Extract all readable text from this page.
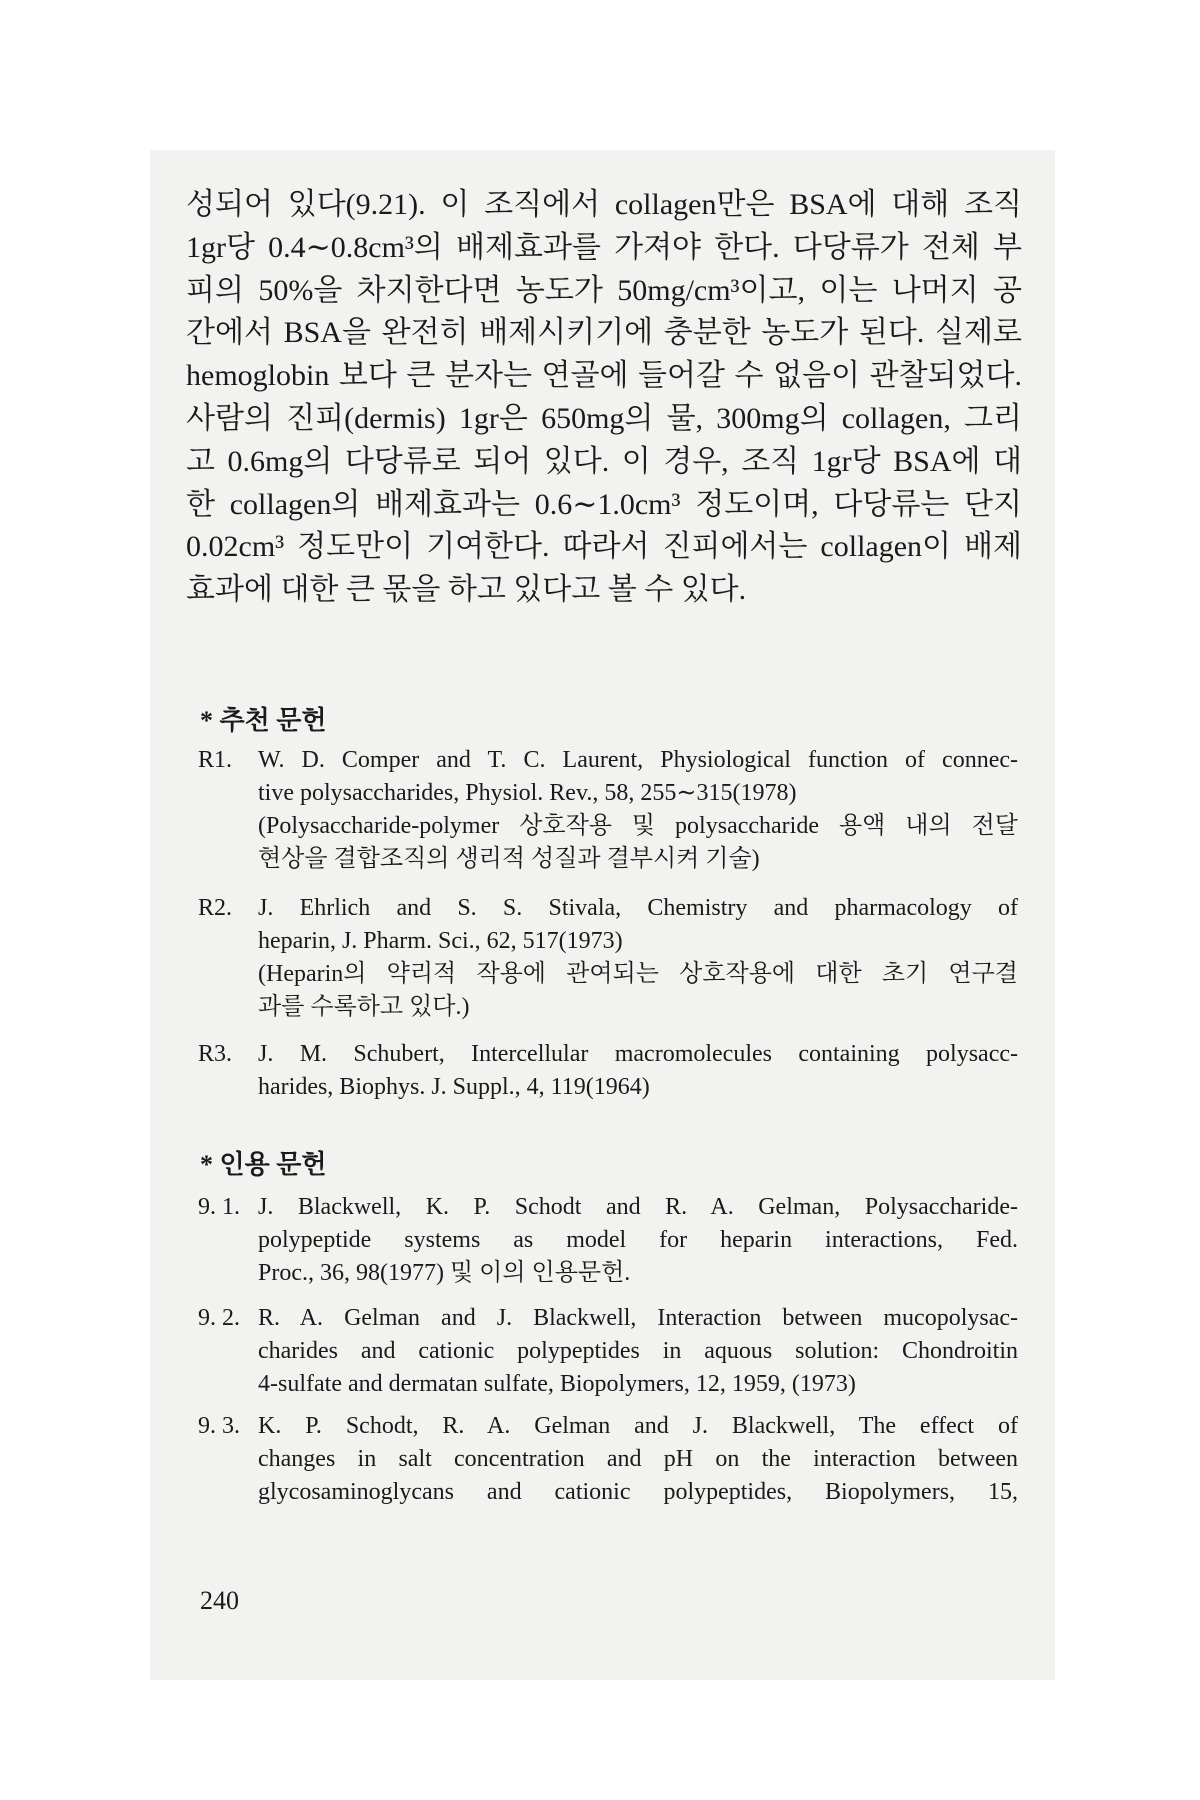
성되어 있다(9.21). 이 조직에서 collagen만은 BSA에 대해 조직
1gr당 0.4∼0.8cm³의 배제효과를 가져야 한다. 다당류가 전체 부
피의 50%을 차지한다면 농도가 50mg/cm³이고, 이는 나머지 공
간에서 BSA을 완전히 배제시키기에 충분한 농도가 된다. 실제로
hemoglobin 보다 큰 분자는 연골에 들어갈 수 없음이 관찰되었다.
사람의 진피(dermis) 1gr은 650mg의 물, 300mg의 collagen, 그리
고 0.6mg의 다당류로 되어 있다. 이 경우, 조직 1gr당 BSA에 대
한 collagen의 배제효과는 0.6∼1.0cm³ 정도이며, 다당류는 단지
0.02cm³ 정도만이 기여한다. 따라서 진피에서는 collagen이 배제
효과에 대한 큰 몫을 하고 있다고 볼 수 있다.
* 추천 문헌
R1. W. D. Comper and T. C. Laurent, Physiological function of connec-
tive polysaccharides, Physiol. Rev., 58, 255∼315(1978)
(Polysaccharide-polymer 상호작용 및 polysaccharide 용액 내의 전달
현상을 결합조직의 생리적 성질과 결부시켜 기술)
R2. J. Ehrlich and S. S. Stivala, Chemistry and pharmacology of
heparin, J. Pharm. Sci., 62, 517(1973)
(Heparin의 약리적 작용에 관여되는 상호작용에 대한 초기 연구결
과를 수록하고 있다.)
R3. J. M. Schubert, Intercellular macromolecules containing polysacc-
harides, Biophys. J. Suppl., 4, 119(1964)
* 인용 문헌
9. 1. J. Blackwell, K. P. Schodt and R. A. Gelman, Polysaccharide-
polypeptide systems as model for heparin interactions, Fed.
Proc., 36, 98(1977) 및 이의 인용문헌.
9. 2. R. A. Gelman and J. Blackwell, Interaction between mucopolysac-
charides and cationic polypeptides in aquous solution: Chondroitin
4-sulfate and dermatan sulfate, Biopolymers, 12, 1959, (1973)
9. 3. K. P. Schodt, R. A. Gelman and J. Blackwell, The effect of
changes in salt concentration and pH on the interaction between
glycosaminoglycans and cationic polypeptides, Biopolymers, 15,
240
